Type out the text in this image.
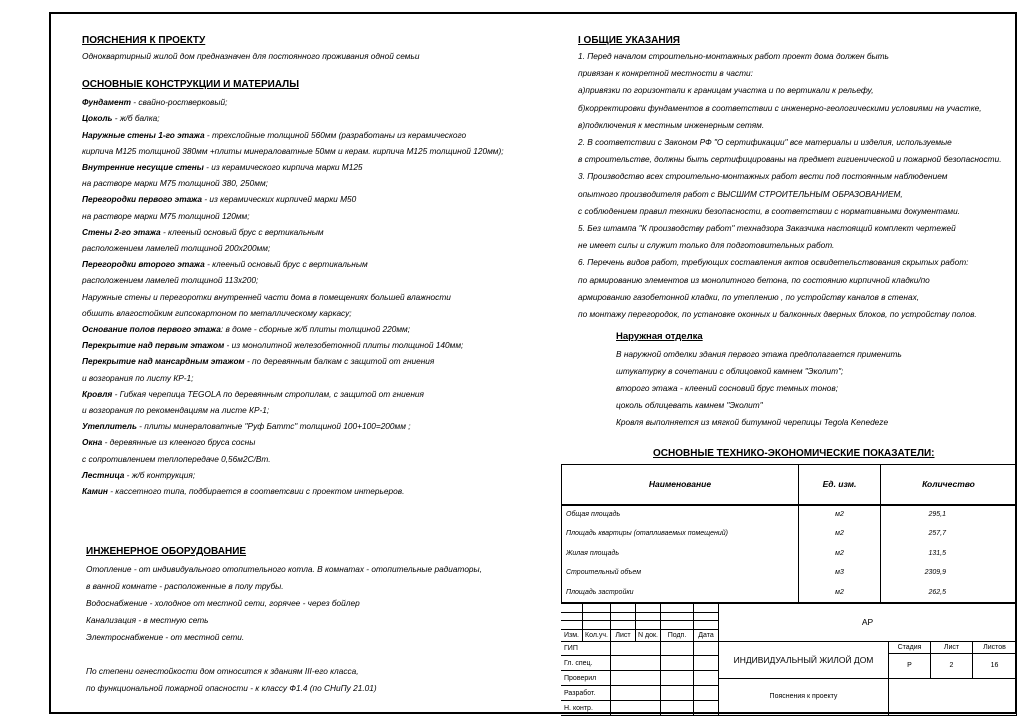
ПОЯСНЕНИЯ К ПРОЕКТУ
Одноквартирный жилой дом предназначен для постоянного проживания одной семьи
ОСНОВНЫЕ КОНСТРУКЦИИ И МАТЕРИАЛЫ
Фундамент - свайно-ростверковый;
Цоколь - ж/б балка;
Наружные стены 1-го этажа - трехслойные толщиной 560мм (разработаны из керамического
кирпича М125 толщиной 380мм +плиты минераловатные 50мм и керам. кирпича М125 толщиной 120мм);
Внутренние несущие стены - из керамического кирпича марки М125
на растворе марки М75 толщиной 380, 250мм;
Перегородки первого этажа - из керамических кирпичей марки М50
на растворе марки М75 толщиной 120мм;
Стены 2-го этажа - клееный основый брус с вертикальным
расположением ламелей толщиной 200х200мм;
Перегородки второго этажа - клееный основый брус с вертикальным
расположением ламелей толщиной 113х200;
Наружные стены и перегоротки внутренней части дома в помещениях большей влажности
обшить влагостойким гипсокартоном по металлическому каркасу;
Основание полов первого этажа: в доме - сборные ж/б плиты толщиной 220мм;
Перекрытие над первым этажом - из монолитной железобетонной плиты толщиной 140мм;
Перекрытие над мансардным этажом - по деревянным балкам с защитой от гниения
и возгорания по листу КР-1;
Кровля - Гибкая черепица TEGOLA по деревянным стропилам, с защитой от гниения
и возгорания по рекомендациям на листе КР-1;
Утеплитель - плиты минераловатные "Руф Баттс" толщиной 100+100=200мм ;
Окна - деревянные из клееного бруса сосны
с сопротивлением теплопередаче 0,56м2С/Вт.
Лестница - ж/б контрукция;
Камин - кассетного типа, подбирается в соответсвии с проектом интерьеров.
ИНЖЕНЕРНОЕ ОБОРУДОВАНИЕ
Отопление - от индивидуального отопительного котла. В комнатах - отопительные радиаторы,
в ванной комнате - расположенные в полу трубы.
Водоснабжение - холодное от местной сети, горячее - через бойлер
Канализация - в местную сеть
Электроснабжение - от местной сети.

По степени огнестойкости дом относится к зданиям III-его класса,
по функциональной пожарной опасности - к классу Ф1.4 (по СНиПу 21.01)
I ОБЩИЕ УКАЗАНИЯ
1. Перед началом строительно-монтажных работ проект дома должен быть
привязан к конкретной местности в части:
а)привязки по горизонтали к границам участка и по вертикали к рельефу,
б)корректировки фундаментов в соответствии с инженерно-геологическими условиями на участке,
в)подключения к местным инженерным сетям.
2. В соответствии с Законом РФ "О сертификации" все материалы и изделия, используемые
в строительстве, должны быть сертифицированы на предмет гигиенической и пожарной безопасности.
3. Производство всех строительно-монтажных работ вести под постоянным наблюдением
опытного производителя работ с ВЫСШИМ СТРОИТЕЛЬНЫМ ОБРАЗОВАНИЕМ,
с соблюдением правил техники безопасности, в соответствии с нормативными документами.
5. Без штампа "К производству работ" технадзора Заказчика настоящий комплект чертежей
не имеет силы и служит только для подготовительных работ.
6. Перечень видов работ, требующих составления актов освидетельствования скрытых работ:
по армированию элементов из монолитного бетона, по состоянию кирпичной кладки/по
армированию газобетонной кладки, по утеплению , по устройству каналов в стенах,
по монтажу перегородок, по установке оконных и балконных дверных блоков, по устройству полов.
Наружная отделка
В наружной отделки здания первого этажа предполагается применить
штукатурку в сочетании с облицовкой камнем "Эколит";
второго этажа - клеений сосновий брус темных тонов;
цоколь облицевать камнем "Эколит"
Кровля выполняется из мягкой битумной черепицы Tegola Kenedeze
ОСНОВНЫЕ ТЕХНИКО-ЭКОНОМИЧЕСКИЕ ПОКАЗАТЕЛИ:
Наименование	Ед. изм.	Количество
Общая площадь	м2	295,1
Площадь квартиры (отапливаемых помещений)	м2	257,7
Жилая площадь	м2	131,5
Строительный объем	м3	2309,9
Площадь застройки	м2	262,5
Изм. Кол.уч.	Лист	N док.	Подп.	Дата
ГИП
Гл. спец.
Проверил
Разработ.
Н. контр.
АР
ИНДИВИДУАЛЬНЫЙ ЖИЛОЙ ДОМ
Стадия	Лист	Листов
Р	2	16
Пояснения к проекту
